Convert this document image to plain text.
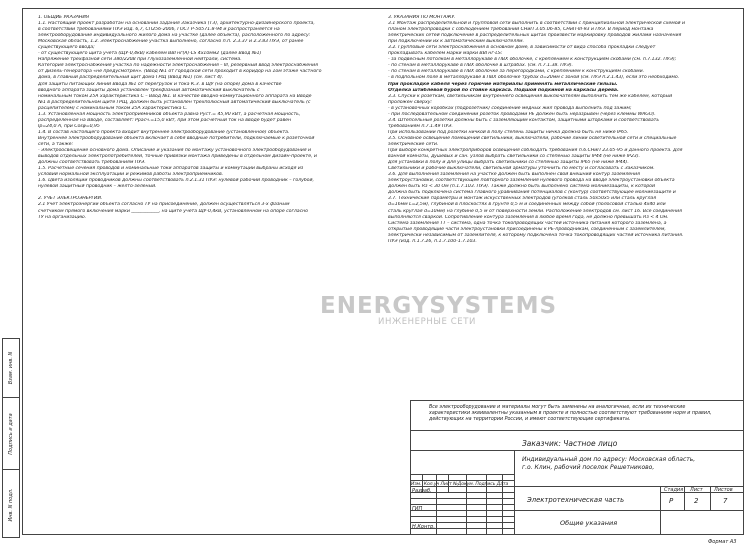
1. ОБЩИЕ УКАЗАНИЯ

1.1. Настоящий проект разработан на основании задания Заказчика (ТЗ), архитектурно-дизайнерского проекта,

в соответствии требованиями ПУЭ изд. 6,7, СП256-2006, ГОСТ Р-50571.8-94 и распространяется на

электрооборудование индивидуального жилого дома на участке (далее объекта), расположенного по адресу:

Московская область, 1.2. Электроснабжение участка выполнено, согласно п.п. 2.3.37 и 2.3.83 ПУЭ, от ранее

существующего ввода;

- от существующего щита учета (ЩУ-0,4кВ) кабелем ВВГнг(А)-LS 4х10мм2 (далее Ввод №1)

Напряжение трехфазной сети 380/220В при глухозаземленной нейтрали, система.

Категория электроснабжения участка по надежности электроснабжения – III, резервный ввод электроснабжения

от дизель-генератора «не предусмотрен». (Ввод №1 от городской сети проходит в коридор на 1ом этаже частного

дома, в главный распределительный щит дома ГРЩ (Ввод №1) (см. лист 4).

Для защиты питающих линий Ввода №1 от перегрузок и тока К.З. в ЩУ (на опоре) дома в качестве

вводного аппарата защиты дома установлен трехфазный автоматический выключатель с

номинальным током 25А характеристика С – Ввод №1. В качестве вводно-коммутационного аппарата на Вводе

№1 в распределительном щите ГРЩ, должен быть установлен трехполюсный автоматический выключатель (с

расцепителем) с номинальным током 25А характеристика С.

1.3. Установленная мощность электроприемников объекта равна Руст.= 45,90 кВт, а расчетная мощность,

распределенная на Вводе, составляет: Ррасч.=15,0 кВт, при этом расчетный ток на вводе будет равен

Iр=24,0 А, при Cosφ=0,95

1.4. В состав настоящего проекта входит внутреннее электрооборудование (установленное) объекта.

Внутреннее электрооборудование объекта включает в себя вводные потребители, подключаемые к розеточной

сети, а также:

- Электроосвещение основного дома. Описание и указания по монтажу установочного электрооборудования и

выводов отдельных электропотребителей, точные привязки монтажа приведены в отдельном дизайн-проекте, и

должны соответствовать требованиям ПУЭ.

1.5. Расчетные сечения проводов и номинальные токи аппаратов защиты и коммутации выбраны исходя из

условий нормальной эксплуатации и режимов работы электроприемников.

1.6. Цвета изоляции проводников должны соответствовать п.2.1.31 ПУЭ: нулевой рабочий проводник – голубой,

нулевой защитный проводник – желто-зеленый.

2. УЧЕТ ЭЛЕКТРОЭНЕРГИИ.

2.1 Учет электроэнергии объекта согласно ТУ на присоединение, должен осуществляться 3-х фазным

счетчиком прямого включения марки ____________, на щите учета ЩУ-0,4кВ, установленном на опоре согласно

ТУ на организацию.

3. УКАЗАНИЯ ПО МОНТАЖУ.

3.1 Монтаж распределительной и групповой сети выполнить в соответствии с принципиальной электрической схемой и

планом электропроводки с соблюдением требований СНиП 3.05.06-85, СНиП-III-93 и ПУЭ. В период монтажа

электрических сетей подключение в распределительных щитах произвести маркировку проводов жилами назначения

при подключении их к автоматическим выключателям.

3.2. Групповые сети электроснабжения в основном доме, в зависимости от вида способа прокладки следует

прокладывать кабелем марки марки ВВГнг-LS:

- за подвесным потолком в металлорукаве в ПВХ оболочке, с креплением к конструкциям скобами (см. п.7.132. ПУЭ);

- по стенам в металлорукаве в ПВХ оболочке в штрабах. (см. п.7.1.38. ПУЭ).

- по стенам в металлорукаве в ПВХ оболочке за перегородками, с креплением к конструкциям скобами.

- в подпольном поле в металлорукаве в ПВХ оболочке трубах d=20мм с зоной (см. ПУЭ п.2.1.43), если это необходимо.

При прокладке кабеля через горючие материалы применять металлические гильзы.

Отделка штиблевой бурой по стойке каркаса. Подшой подкиной на каркасы дерева.

3.3. Спуски к розеткам, светильникам внутреннего освещения выключателям выполнить тем же кабелем, который

проложен сверху:

- в установочных коробках (подрозетник) соединение медных жил провода выполнить под зажим;

- при последовательном соединении розеток проводами РЕ должен быть неразрывен (через клеммы WAGO).

3.4. Штепсельные розетки должны быть с заземляющим контактом, защитными шторками и соответствовать

требованиям п.7.1.49 ПУЭ.

При использовании под розетки ничкой в полу степень защиты ничка должна быть не ниже IP65.

3.5. Основное освещение помещений светильники, выключатели, рабочие линии осветительной сети и специальные

электрические сети.

При выборе конкретных электроприборов освещения соблюдать требования п.6.СНиП 23.05-95 и данного проекта. Для

ванной комнаты, душевых и сан. узлов выбрать светильники со степенью защиты IP44 (не ниже IP23).

Для установки в полу и для улицы выбрать светильники со степенью защиты IP65 (не ниже IP44).

Светильники и рабочие выключатели, светильной арматуры уточнить по месту и согласовать с Заказчиком.

3.6. Для выполнения заземления на участке должен быть выполнен свой внешний контур заземления

электроустановки, соответствующее повторного заземления нулевого провода на вводе электроустановки объекта

должен быть Rз < 30 Ом (п.1.7.103. ПУЭ). Также должно быть выполнено система молниезащиты, к которой

должна быть подключена система главного уравнивания потенциалов с (контур) соответствующее молниезащите и

3.7. Технические параметры и монтаж искусственных электродов (уголков сталь 50х50х5 или сталь круглая

d=16мм L=2,5м), глубиной в плоскостях в грунте 0,5 м и соединенных между собой (полосовой сталью 4х40 или

сталь круглая d=10мм) на глубине 0,5 м от поверхности земли. Расположение электродов см. лист 16. Все соединения

выполняются сваркой. Сопротивление контура заземления в любое время года, не должно превышать Rз < 4 Ом.

Система заземления ТТ – система, одна точка токопроводящих частей источника питания которого заземлена, а

открытые проводящие части электроустановки присоединены к РЕ-проводникам, соединенным с заземлителем,

электрически независимым от заземлителя, к которому подключена точка токопроводящих частей источника питания.

ПУЭ (изд. п.1.7.26, п.1.7.100-1.7.103.

ENERGYSYSTEMS
ИНЖЕНЕРНЫЕ СЕТИ
Взам. инв. N
Подпись и дата
Инв. N подл.
Все электрооборудование и материалы могут быть заменены на аналогичные, если их технические
характеристики эквивалентны указанным в проекте и полностью соответствуют требованиям норм и правил,
действующих на территории России, и имеют соответствующие сертификаты.
Заказчик: Частное лицо
Индивидуальный дом по адресу: Московская область,
г.о. Клин, рабочий поселок Решетниково,
Изм. Кол.уч Лист №Докум. Подпись Дата
Разраб.
ГИП
Н.Контр.
Электротехническая часть
Стадия Лист Листов
Р	2	7
Общие указания
Формат А3
